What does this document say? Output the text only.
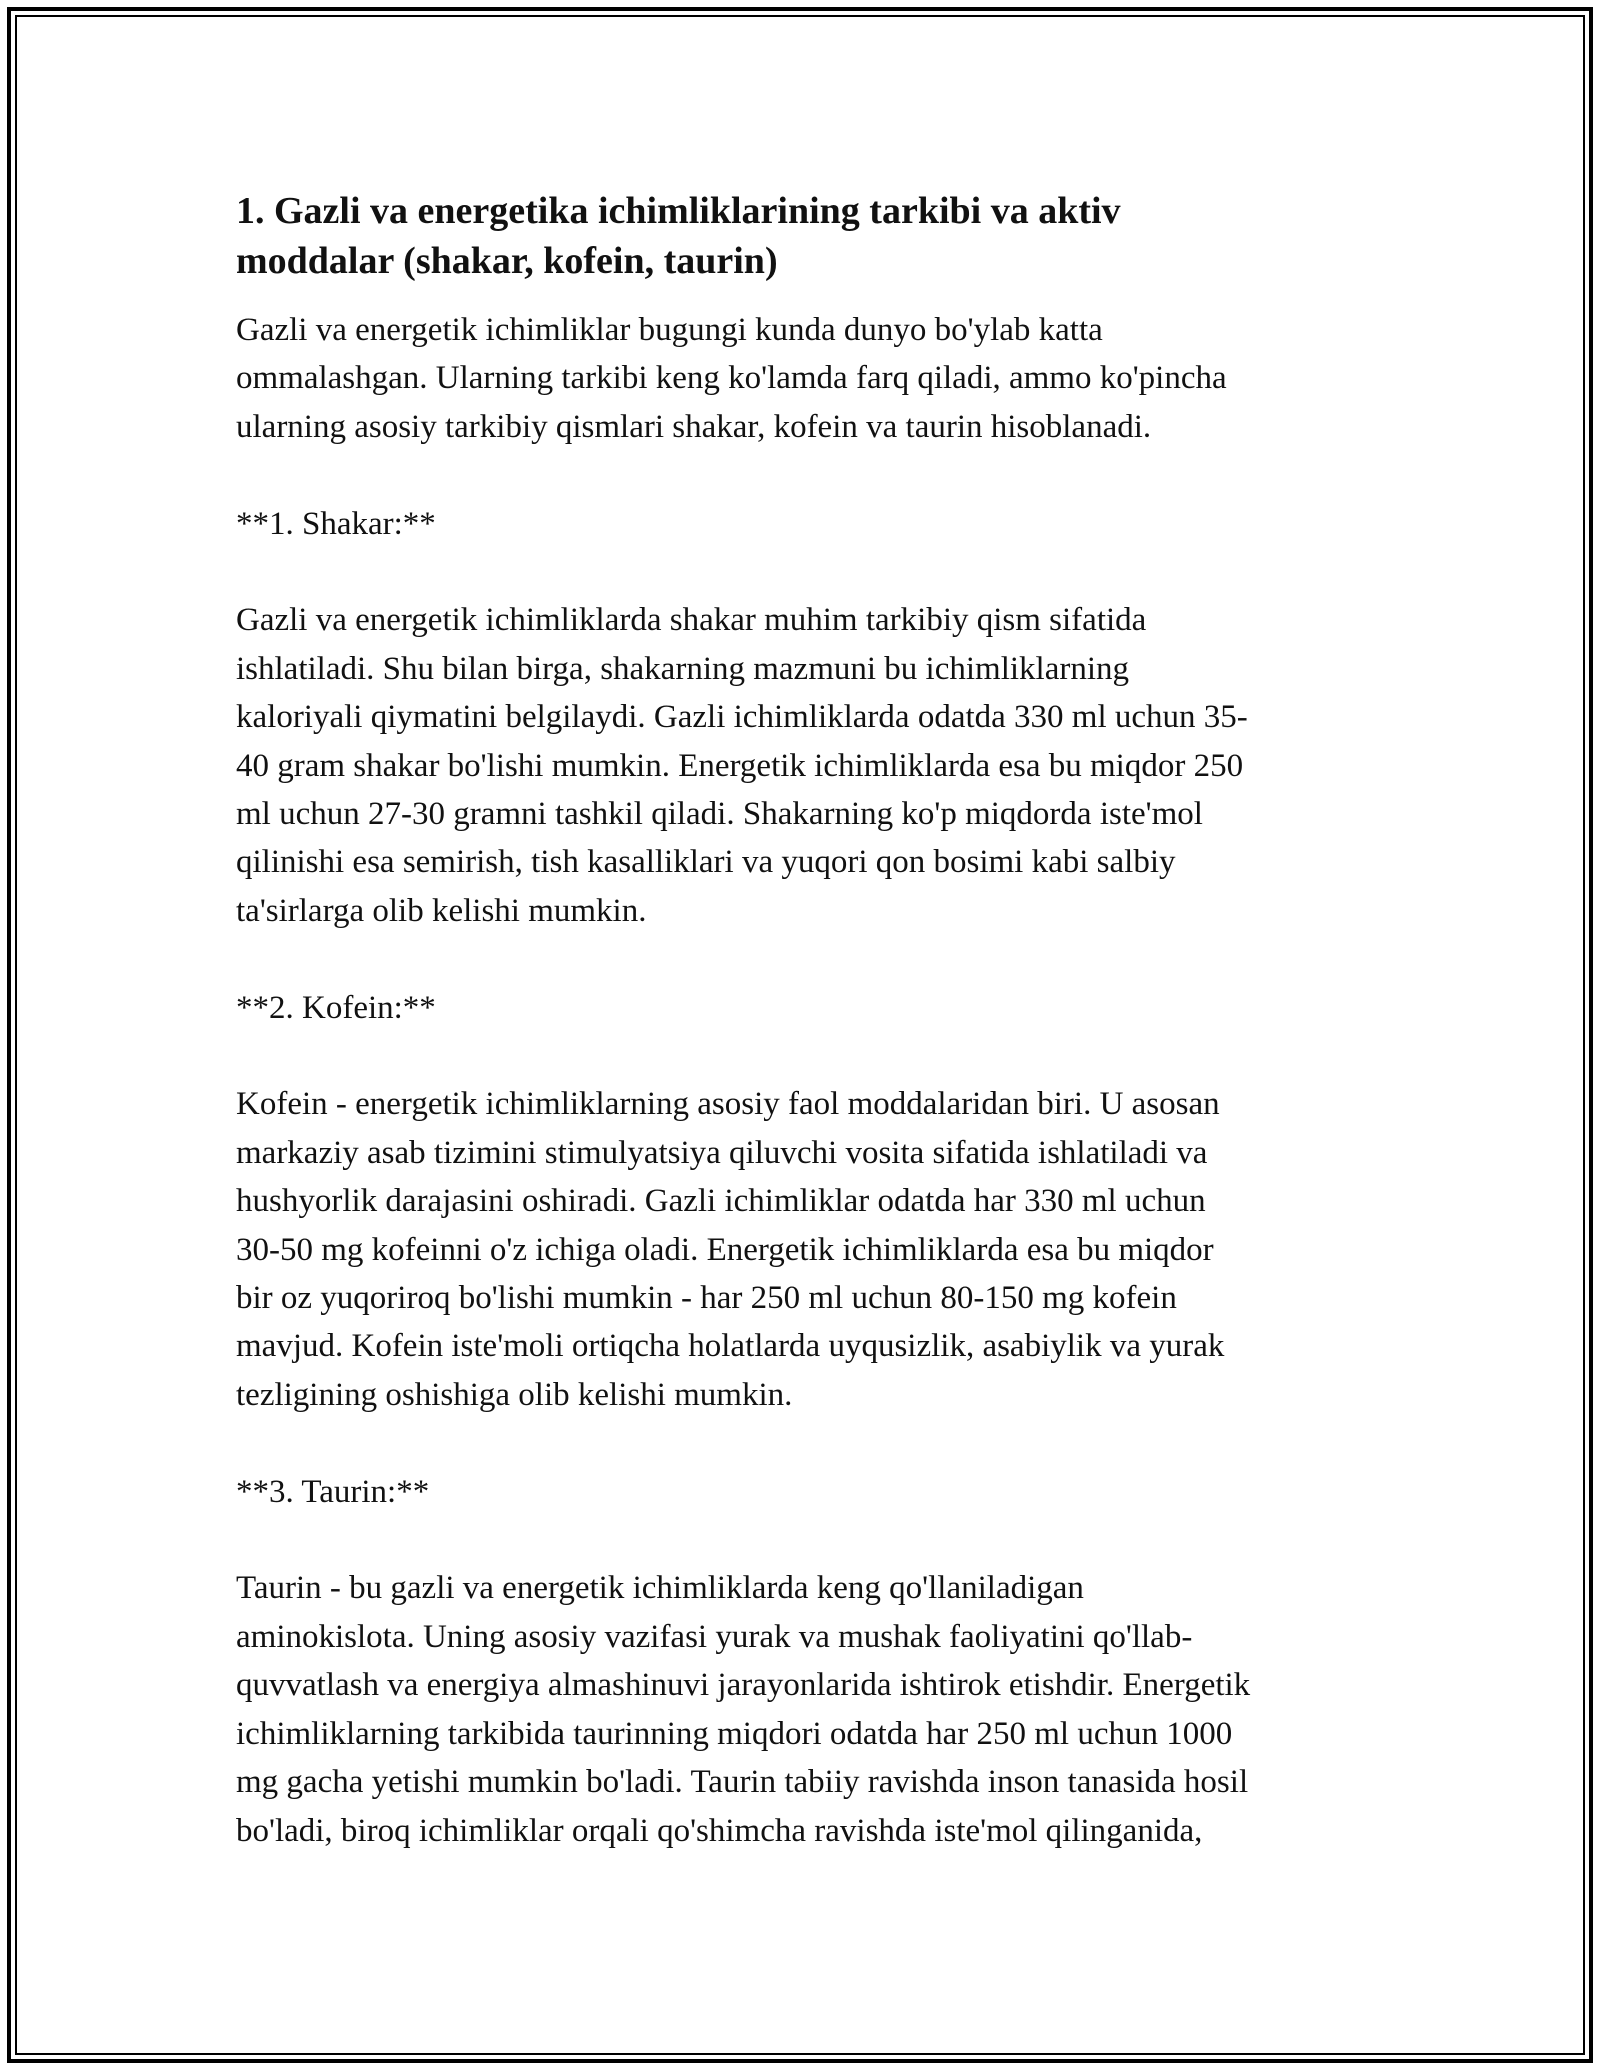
1. Gazli va energetika ichimliklarining tarkibi va aktiv
moddalar (shakar, kofein, taurin)

Gazli va energetik ichimliklar bugungi kunda dunyo bo'ylab katta
ommalashgan. Ularning tarkibi keng ko'lamda farq qiladi, ammo ko'pincha
ularning asosiy tarkibiy qismlari shakar, kofein va taurin hisoblanadi.

**1. Shakar:**

Gazli va energetik ichimliklarda shakar muhim tarkibiy qism sifatida
ishlatiladi. Shu bilan birga, shakarning mazmuni bu ichimliklarning
kaloriyali qiymatini belgilaydi. Gazli ichimliklarda odatda 330 ml uchun 35-
40 gram shakar bo'lishi mumkin. Energetik ichimliklarda esa bu miqdor 250
ml uchun 27-30 gramni tashkil qiladi. Shakarning ko'p miqdorda iste'mol
qilinishi esa semirish, tish kasalliklari va yuqori qon bosimi kabi salbiy
ta'sirlarga olib kelishi mumkin.

**2. Kofein:**

Kofein - energetik ichimliklarning asosiy faol moddalaridan biri. U asosan
markaziy asab tizimini stimulyatsiya qiluvchi vosita sifatida ishlatiladi va
hushyorlik darajasini oshiradi. Gazli ichimliklar odatda har 330 ml uchun
30-50 mg kofeinni o'z ichiga oladi. Energetik ichimliklarda esa bu miqdor
bir oz yuqoriroq bo'lishi mumkin - har 250 ml uchun 80-150 mg kofein
mavjud. Kofein iste'moli ortiqcha holatlarda uyqusizlik, asabiylik va yurak
tezligining oshishiga olib kelishi mumkin.

**3. Taurin:**

Taurin - bu gazli va energetik ichimliklarda keng qo'llaniladigan
aminokislota. Uning asosiy vazifasi yurak va mushak faoliyatini qo'llab-
quvvatlash va energiya almashinuvi jarayonlarida ishtirok etishdir. Energetik
ichimliklarning tarkibida taurinning miqdori odatda har 250 ml uchun 1000
mg gacha yetishi mumkin bo'ladi. Taurin tabiiy ravishda inson tanasida hosil
bo'ladi, biroq ichimliklar orqali qo'shimcha ravishda iste'mol qilinganida,
